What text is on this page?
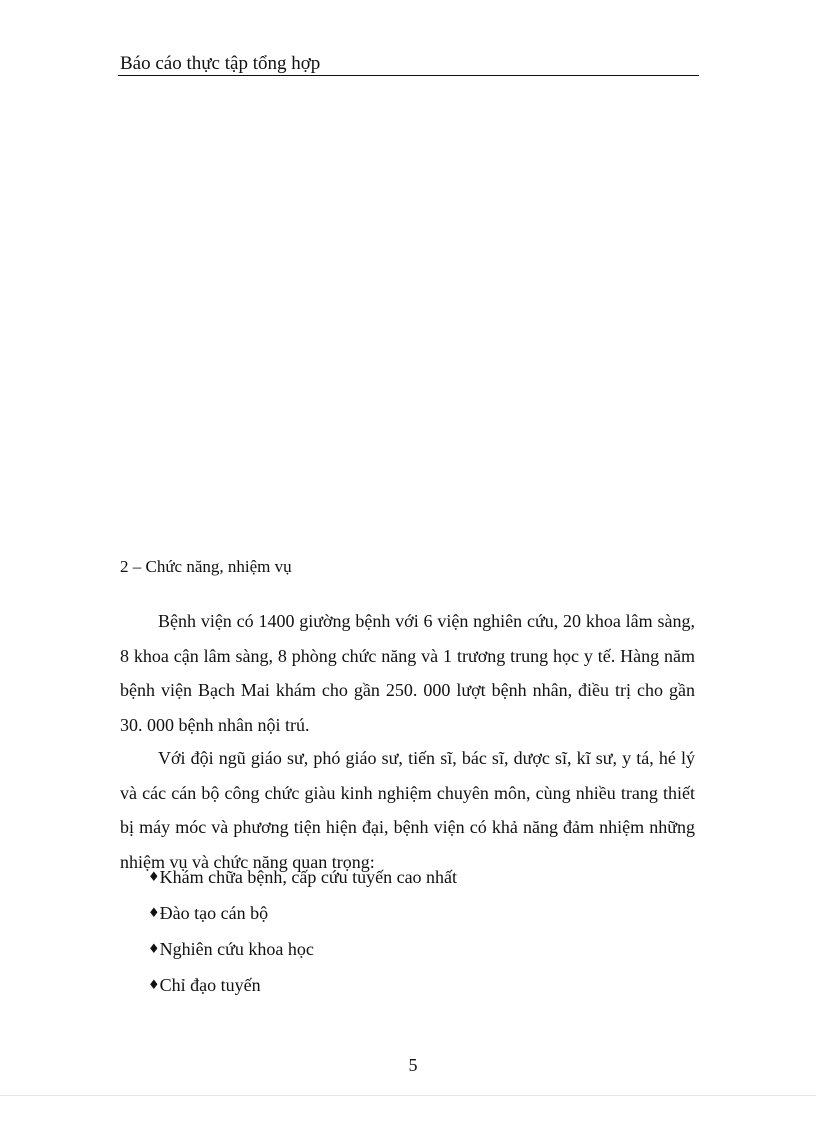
Báo cáo thực tập tổng hợp
2 – Chức năng, nhiệm vụ

Bệnh viện có 1400 giường bệnh với 6 viện nghiên cứu, 20 khoa lâm sàng, 8 khoa cận lâm sàng, 8 phòng chức năng và 1 trương trung học y tế. Hàng năm bệnh viện Bạch Mai khám cho gần 250. 000 lượt bệnh nhân, điều trị cho gần 30. 000 bệnh nhân nội trú.

Với đội ngũ giáo sư, phó giáo sư, tiến sĩ, bác sĩ, dược sĩ, kĩ sư, y tá, hé lý và các cán bộ công chức giàu kinh nghiệm chuyên môn, cùng nhiều trang thiết bị máy móc và phương tiện hiện đại, bệnh viện có khả năng đảm nhiệm những nhiệm vụ và chức năng quan trọng:

♦Khám chữa bệnh, cấp cứu tuyến cao nhất
♦Đào tạo cán bộ
♦Nghiên cứu khoa học
♦Chỉ đạo tuyến
5
